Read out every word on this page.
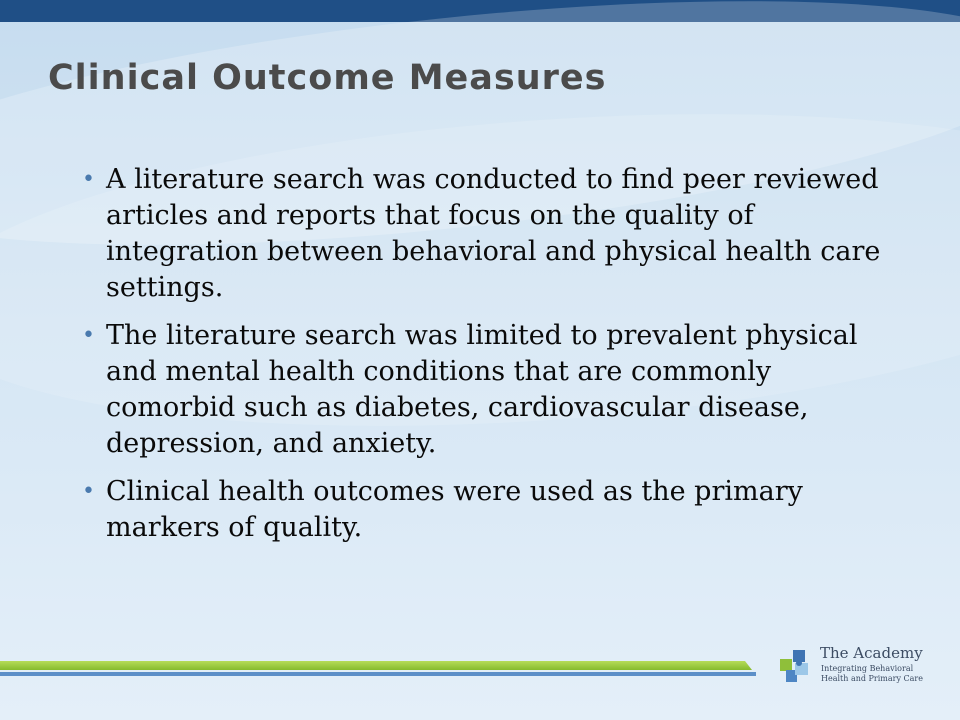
Clinical Outcome Measures
• A literature search was conducted to find peer reviewed articles and reports that focus on the quality of integration between behavioral and physical health care settings.
• The literature search was limited to prevalent physical and mental health conditions that are commonly comorbid such as diabetes, cardiovascular disease, depression, and anxiety.
• Clinical health outcomes were used as the primary markers of quality.
The Academy
Integrating Behavioral
Health and Primary Care
